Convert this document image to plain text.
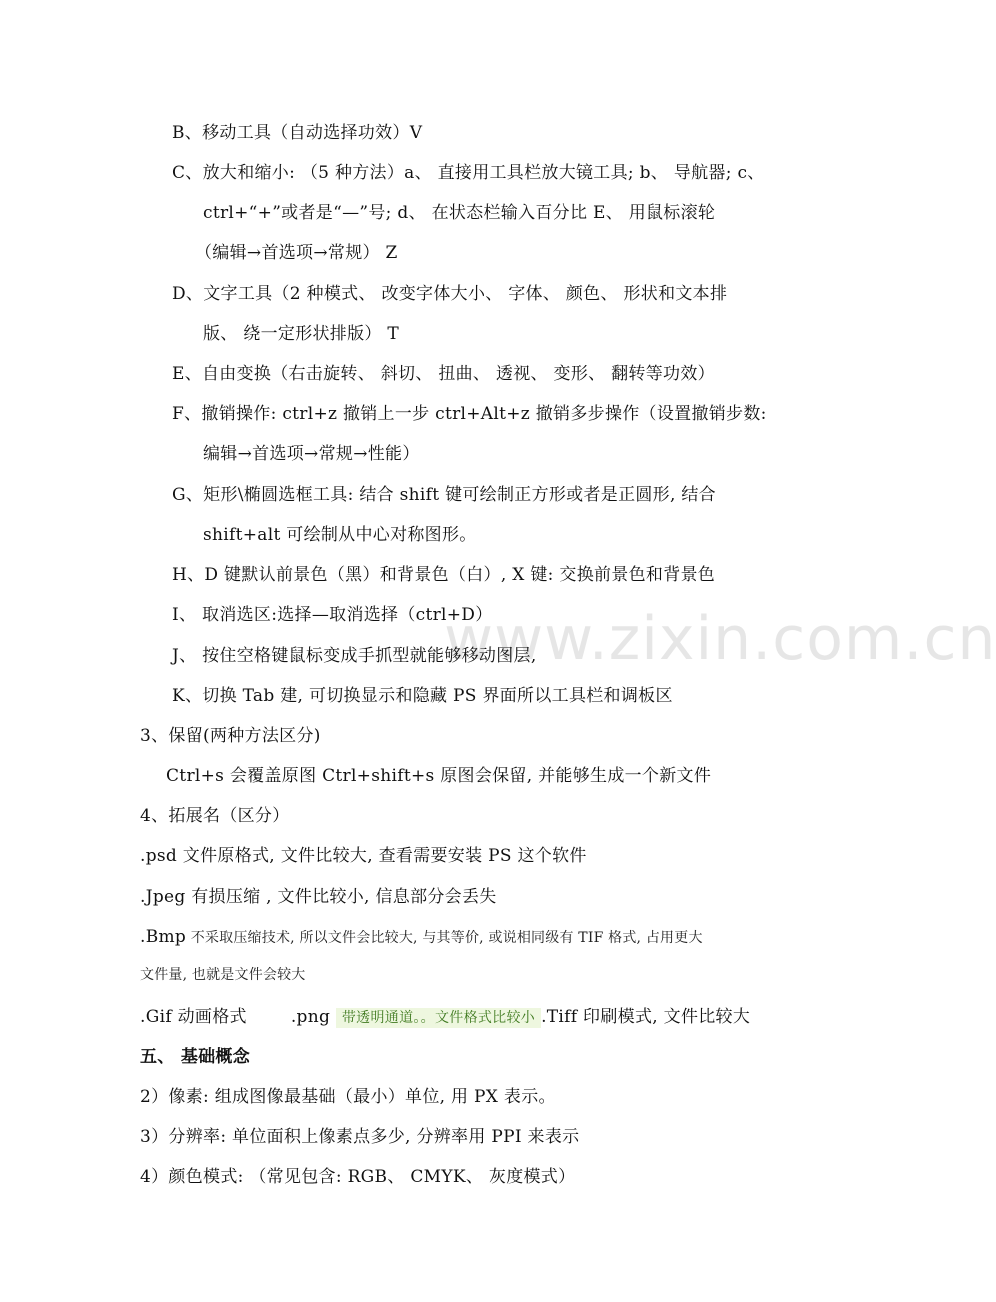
www.zixin.com.cn
B、移动工具（自动选择功效）V
C、放大和缩小: （5 种方法）a、 直接用工具栏放大镜工具; b、 导航器; c、
ctrl+“+”或者是“—”号; d、 在状态栏输入百分比 E、 用鼠标滚轮
（编辑→首选项→常规） Z
D、文字工具（2 种模式、 改变字体大小、 字体、 颜色、 形状和文本排
版、 绕一定形状排版） T
E、自由变换（右击旋转、 斜切、 扭曲、 透视、 变形、 翻转等功效）
F、撤销操作: ctrl+z 撤销上一步 ctrl+Alt+z 撤销多步操作（设置撤销步数:
编辑→首选项→常规→性能）
G、矩形\椭圆选框工具: 结合 shift 键可绘制正方形或者是正圆形, 结合
shift+alt 可绘制从中心对称图形。
H、D 键默认前景色（黑）和背景色（白）, X 键: 交换前景色和背景色
I、 取消选区:选择—取消选择（ctrl+D）
J、 按住空格键鼠标变成手抓型就能够移动图层,
K、切换 Tab 建, 可切换显示和隐藏 PS 界面所以工具栏和调板区
3、保留(两种方法区分)
Ctrl+s 会覆盖原图 Ctrl+shift+s 原图会保留, 并能够生成一个新文件
4、拓展名（区分）
.psd 文件原格式, 文件比较大, 查看需要安装 PS 这个软件
.Jpeg 有损压缩 , 文件比较小, 信息部分会丢失
.Bmp 不采取压缩技术, 所以文件会比较大, 与其等价, 或说相同级有 TIF 格式, 占用更大
文件量, 也就是文件会较大
.Gif 动画格式	.png 带透明通道。。文件格式比较小 .Tiff 印刷模式, 文件比较大
五、 基础概念
2）像素: 组成图像最基础（最小）单位, 用 PX 表示。
3）分辨率: 单位面积上像素点多少, 分辨率用 PPI 来表示
4）颜色模式: （常见包含: RGB、 CMYK、 灰度模式）
